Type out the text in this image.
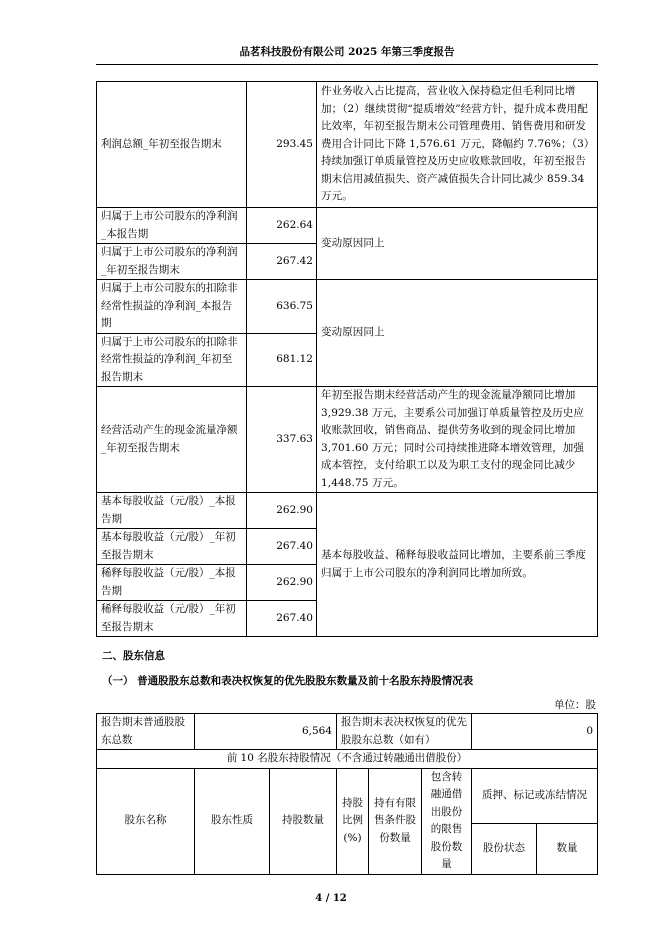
品茗科技股份有限公司 2025 年第三季度报告
利润总额_年初至报告期末	293.45	件业务收入占比提高，营业收入保持稳定但毛利同比增加；（2）继续贯彻“提质增效”经营方针，提升成本费用配比效率，年初至报告期末公司管理费用、销售费用和研发费用合计同比下降 1,576.61 万元，降幅约 7.76%；（3）持续加强订单质量管控及历史应收账款回收，年初至报告期末信用减值损失、资产减值损失合计同比减少 859.34 万元。
归属于上市公司股东的净利润_本报告期	262.64	变动原因同上
归属于上市公司股东的净利润_年初至报告期末	267.42	
归属于上市公司股东的扣除非经常性损益的净利润_本报告期	636.75	变动原因同上
归属于上市公司股东的扣除非经常性损益的净利润_年初至报告期末	681.12	
经营活动产生的现金流量净额_年初至报告期末	337.63	年初至报告期末经营活动产生的现金流量净额同比增加 3,929.38 万元，主要系公司加强订单质量管控及历史应收账款回收，销售商品、提供劳务收到的现金同比增加 3,701.60 万元；同时公司持续推进降本增效管理，加强成本管控，支付给职工以及为职工支付的现金同比减少 1,448.75 万元。
基本每股收益（元/股）_本报告期	262.90	基本每股收益、稀释每股收益同比增加，主要系前三季度归属于上市公司股东的净利润同比增加所致。
基本每股收益（元/股）_年初至报告期末	267.40	
稀释每股收益（元/股）_本报告期	262.90	
稀释每股收益（元/股）_年初至报告期末	267.40	
二、股东信息
（一） 普通股股东总数和表决权恢复的优先股股东数量及前十名股东持股情况表
单位：股
报告期末普通股股东总数	6,564		报告期末表决权恢复的优先股股东总数（如有）			0	
前 10 名股东持股情况（不含通过转融通出借股份）							
股东名称	股东性质	持股数量	持股比例(%)	持有有限售条件股份数量	包含转融通借出股份的限售股份数量	质押、标记或冻结情况	
						股份状态	数量
4 / 12
